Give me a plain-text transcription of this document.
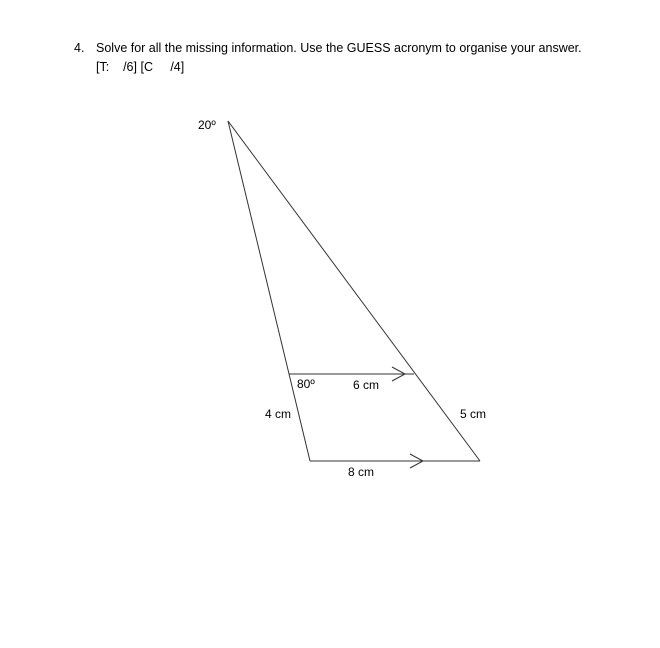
4. Solve for all the missing information. Use the GUESS acronym to organise your answer.
[T:    /6] [C     /4]
20º
80º	6 cm
4 cm	5 cm
8 cm
